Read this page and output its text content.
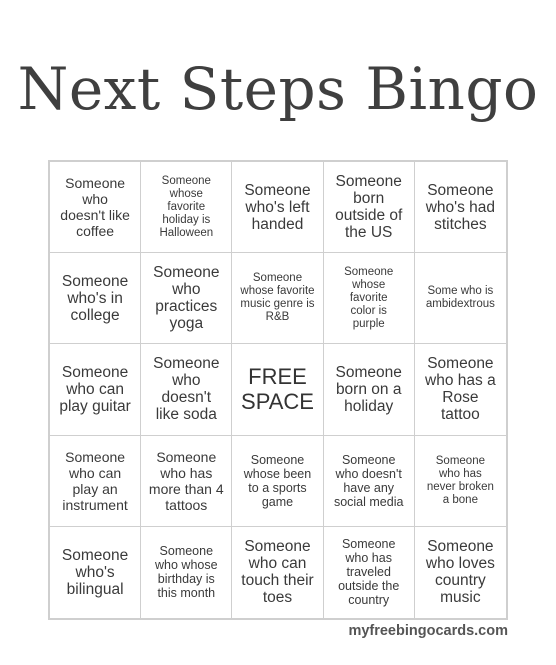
Next Steps Bingo
Someone who doesn't like coffee
Someone whose favorite holiday is Halloween
Someone who's left handed
Someone born outside of the US
Someone who's had stitches
Someone who's in college
Someone who practices yoga
Someone whose favorite music genre is R&B
Someone whose favorite color is purple
Some who is ambidextrous
Someone who can play guitar
Someone who doesn't like soda
FREE SPACE
Someone born on a holiday
Someone who has a Rose tattoo
Someone who can play an instrument
Someone who has more than 4 tattoos
Someone whose been to a sports game
Someone who doesn't have any social media
Someone who has never broken a bone
Someone who's bilingual
Someone who whose birthday is this month
Someone who can touch their toes
Someone who has traveled outside the country
Someone who loves country music
myfreebingocards.com
